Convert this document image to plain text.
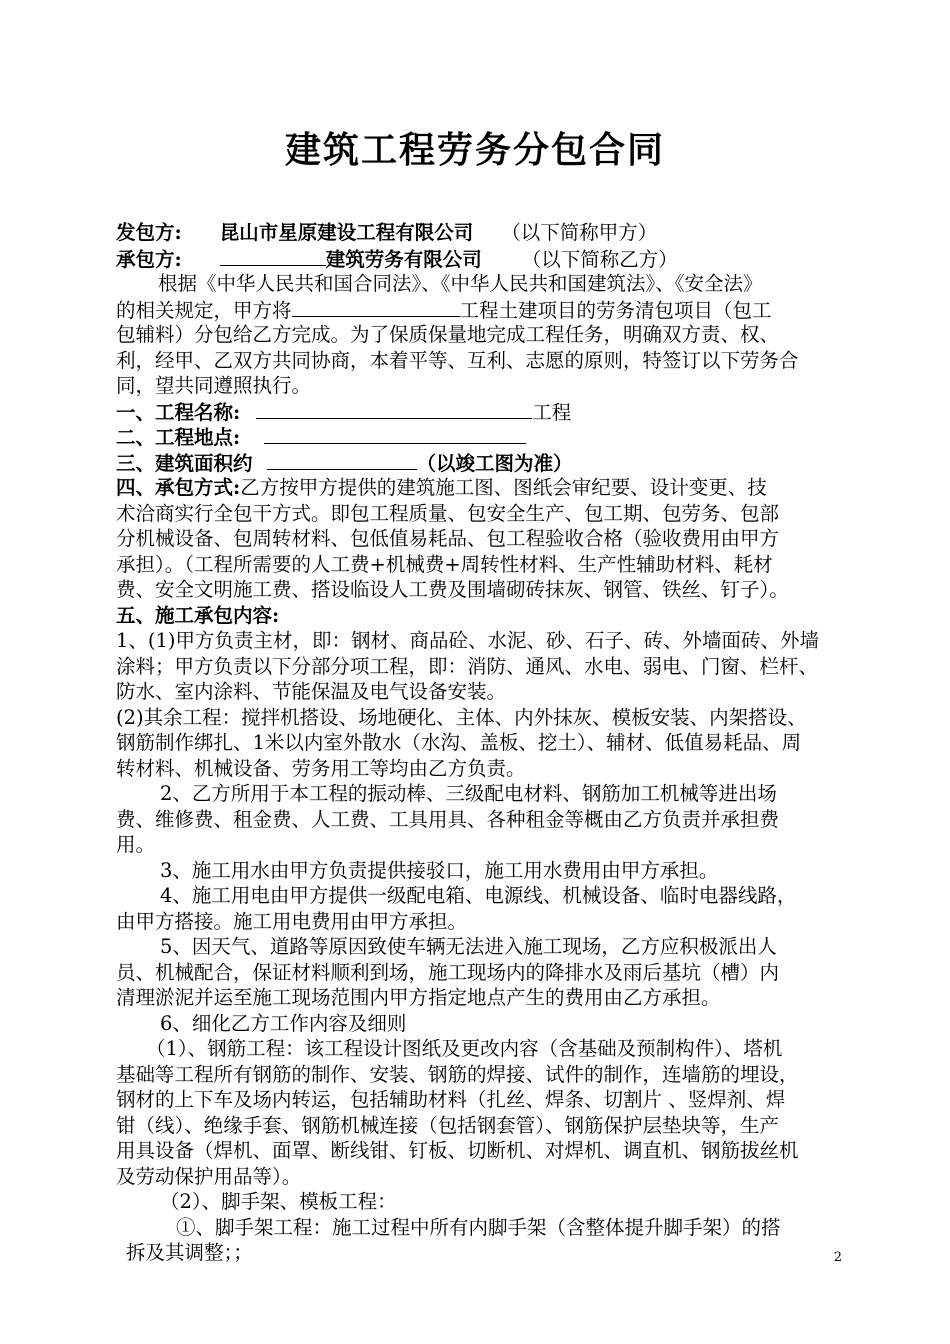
建筑工程劳务分包合同
发包方: 昆山市星原建设工程有限公司 （以下简称甲方）
承包方:	建筑劳务有限公司 （以下简称乙方）
根据《中华人民共和国合同法》、《中华人民共和国建筑法》、《安全法》
的相关规定，甲方将	工程土建项目的劳务清包项目（包工
包辅料）分包给乙方完成。为了保质保量地完成工程任务，明确双方责、权、
利，经甲、乙双方共同协商，本着平等、互利、志愿的原则，特签订以下劳务合
同，望共同遵照执行。
一、工程名称:	工程
二、工程地点:
三、建筑面积约	（以竣工图为准）
四、承包方式:乙方按甲方提供的建筑施工图、图纸会审纪要、设计变更、技
术洽商实行全包干方式。即包工程质量、包安全生产、包工期、包劳务、包部
分机械设备、包周转材料、包低值易耗品、包工程验收合格（验收费用由甲方
承担）。（工程所需要的人工费+机械费+周转性材料、生产性辅助材料、耗材
费、安全文明施工费、搭设临设人工费及围墙砌砖抹灰、钢管、铁丝、钉子）。
五、施工承包内容:
1、(1)甲方负责主材，即：钢材、商品砼、水泥、砂、石子、砖、外墙面砖、外墙
涂料；甲方负责以下分部分项工程，即：消防、通风、水电、弱电、门窗、栏杆、
防水、室内涂料、节能保温及电气设备安装。
(2)其余工程：搅拌机搭设、场地硬化、主体、内外抹灰、模板安装、内架搭设、
钢筋制作绑扎、1米以内室外散水（水沟、盖板、挖土）、辅材、低值易耗品、周
转材料、机械设备、劳务用工等均由乙方负责。
2、乙方所用于本工程的振动棒、三级配电材料、钢筋加工机械等进出场
费、维修费、租金费、人工费、工具用具、各种租金等概由乙方负责并承担费
用。
3、施工用水由甲方负责提供接驳口，施工用水费用由甲方承担。
4、施工用电由甲方提供一级配电箱、电源线、机械设备、临时电器线路，
由甲方搭接。施工用电费用由甲方承担。
5、因天气、道路等原因致使车辆无法进入施工现场，乙方应积极派出人
员、机械配合，保证材料顺利到场，施工现场内的降排水及雨后基坑（槽）内
清理淤泥并运至施工现场范围内甲方指定地点产生的费用由乙方承担。
6、细化乙方工作内容及细则
（1）、钢筋工程：该工程设计图纸及更改内容（含基础及预制构件）、塔机
基础等工程所有钢筋的制作、安装、钢筋的焊接、试件的制作，连墙筋的埋设，
钢材的上下车及场内转运，包括辅助材料（扎丝、焊条、切割片 、竖焊剂、焊
钳（线）、绝缘手套、钢筋机械连接（包括钢套管）、钢筋保护层垫块等，生产
用具设备（焊机、面罩、断线钳、钉板、切断机、对焊机、调直机、钢筋拔丝机
及劳动保护用品等）。
（2）、脚手架、模板工程：
①、脚手架工程：施工过程中所有内脚手架（含整体提升脚手架）的搭
拆及其调整；；	2
